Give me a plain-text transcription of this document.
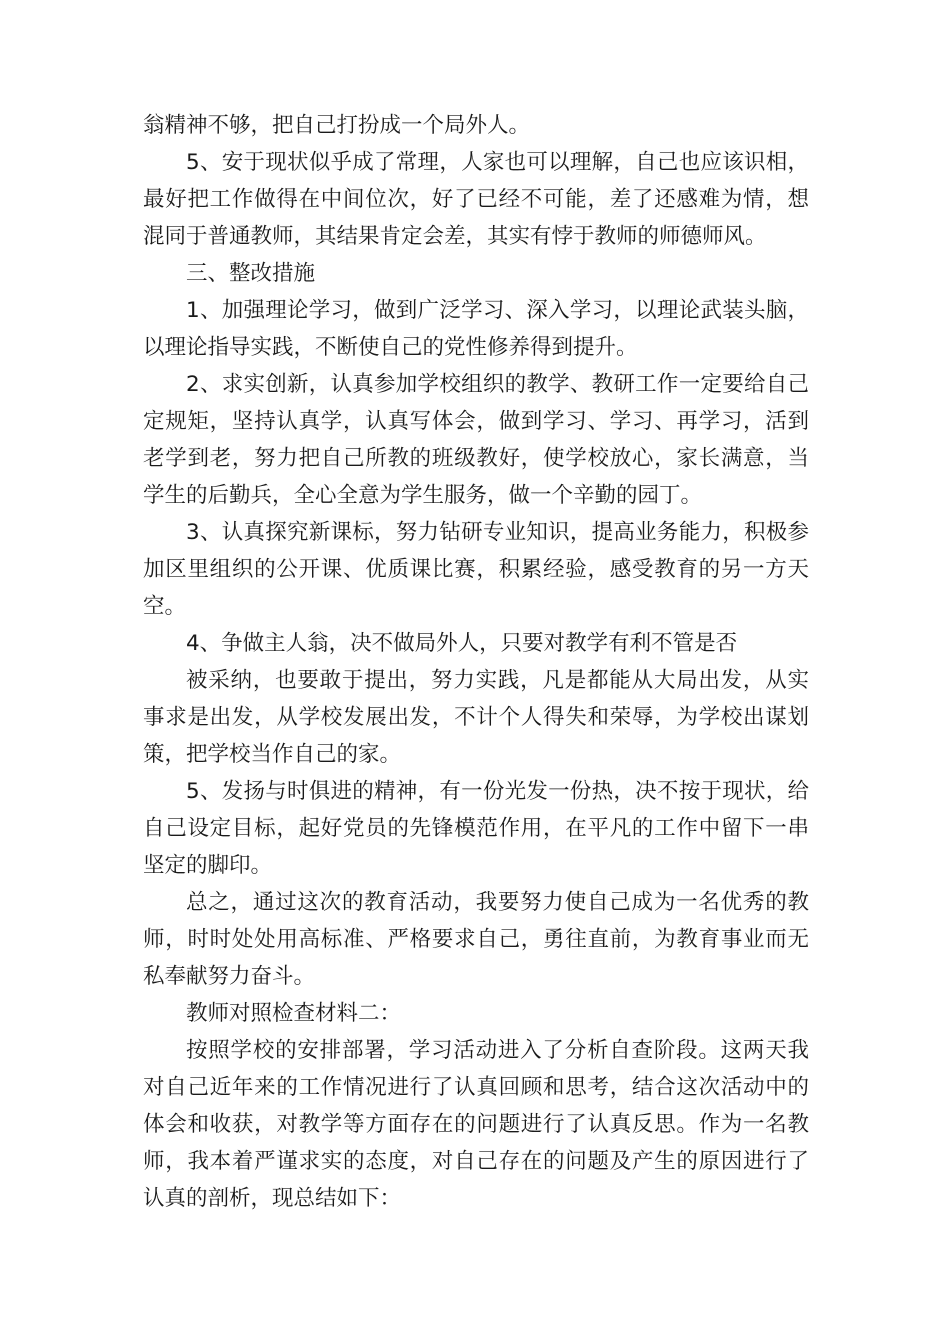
翁精神不够，把自己打扮成一个局外人。

5、安于现状似乎成了常理，人家也可以理解，自己也应该识相，最好把工作做得在中间位次，好了已经不可能，差了还感难为情，想混同于普通教师，其结果肯定会差，其实有悖于教师的师德师风。

三、整改措施

1、加强理论学习，做到广泛学习、深入学习，以理论武装头脑，以理论指导实践，不断使自己的党性修养得到提升。

2、求实创新，认真参加学校组织的教学、教研工作一定要给自己定规矩，坚持认真学，认真写体会，做到学习、学习、再学习，活到老学到老，努力把自己所教的班级教好，使学校放心，家长满意，当学生的后勤兵，全心全意为学生服务，做一个辛勤的园丁。

3、认真探究新课标，努力钻研专业知识，提高业务能力，积极参加区里组织的公开课、优质课比赛，积累经验，感受教育的另一方天空。

4、争做主人翁，决不做局外人，只要对教学有利不管是否

被采纳，也要敢于提出，努力实践，凡是都能从大局出发，从实事求是出发，从学校发展出发，不计个人得失和荣辱，为学校出谋划策，把学校当作自己的家。

5、发扬与时俱进的精神，有一份光发一份热，决不按于现状，给自己设定目标，起好党员的先锋模范作用，在平凡的工作中留下一串坚定的脚印。

总之，通过这次的教育活动，我要努力使自己成为一名优秀的教师，时时处处用高标准、严格要求自己，勇往直前，为教育事业而无私奉献努力奋斗。

教师对照检查材料二：

按照学校的安排部署，学习活动进入了分析自查阶段。这两天我对自己近年来的工作情况进行了认真回顾和思考，结合这次活动中的体会和收获，对教学等方面存在的问题进行了认真反思。作为一名教师，我本着严谨求实的态度，对自己存在的问题及产生的原因进行了认真的剖析，现总结如下：
